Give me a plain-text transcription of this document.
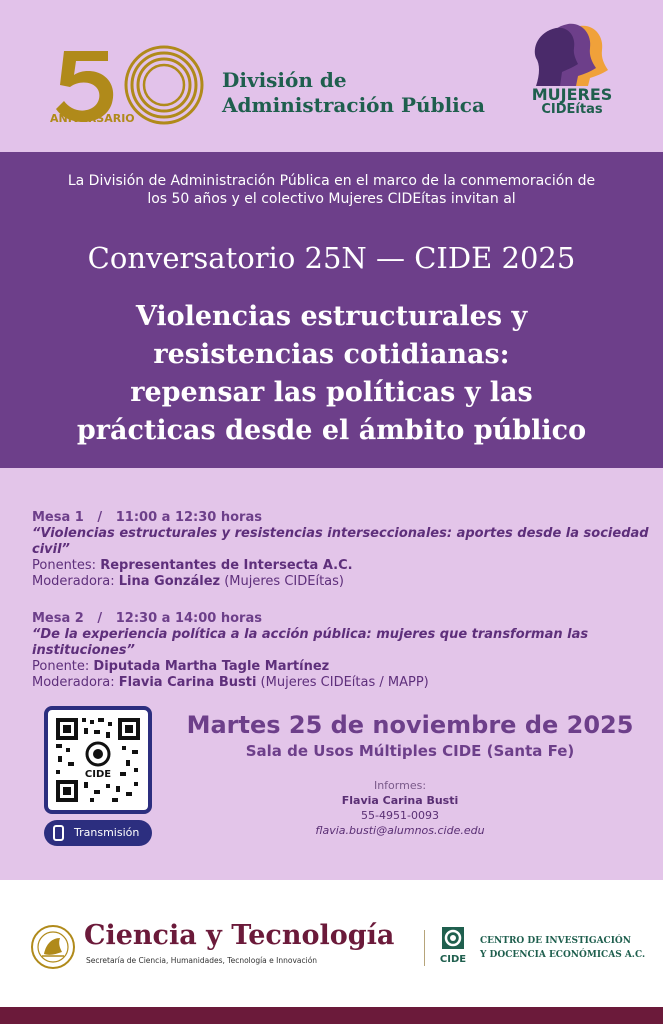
ANIVERSARIO
División de
Administración Pública	MUJERES
CIDEítas
La División de Administración Pública en el marco de la conmemoración de los 50 años y el colectivo Mujeres CIDEítas invitan al
Conversatorio 25N — CIDE 2025
Violencias estructurales y
resistencias cotidianas:
repensar las políticas y las
prácticas desde el ámbito público
Mesa 1   /   11:00 a 12:30 horas
“Violencias estructurales y resistencias interseccionales: aportes desde la sociedad civil”
Ponentes: Representantes de Intersecta A.C.
Moderadora: Lina González (Mujeres CIDEítas)
Mesa 2   /   12:30 a 14:00 horas
“De la experiencia política a la acción pública: mujeres que transforman las instituciones”
Ponente: Diputada Martha Tagle Martínez
Moderadora: Flavia Carina Busti (Mujeres CIDEítas / MAPP)
CIDE
Transmisión
Martes 25 de noviembre de 2025
Sala de Usos Múltiples CIDE (Santa Fe)
Informes:
Flavia Carina Busti
55-4951-0093
flavia.busti@alumnos.cide.edu
Ciencia y Tecnología
Secretaría de Ciencia, Humanidades, Tecnología e Innovación	CIDE
CENTRO DE INVESTIGACIÓN
Y DOCENCIA ECONÓMICAS A.C.
